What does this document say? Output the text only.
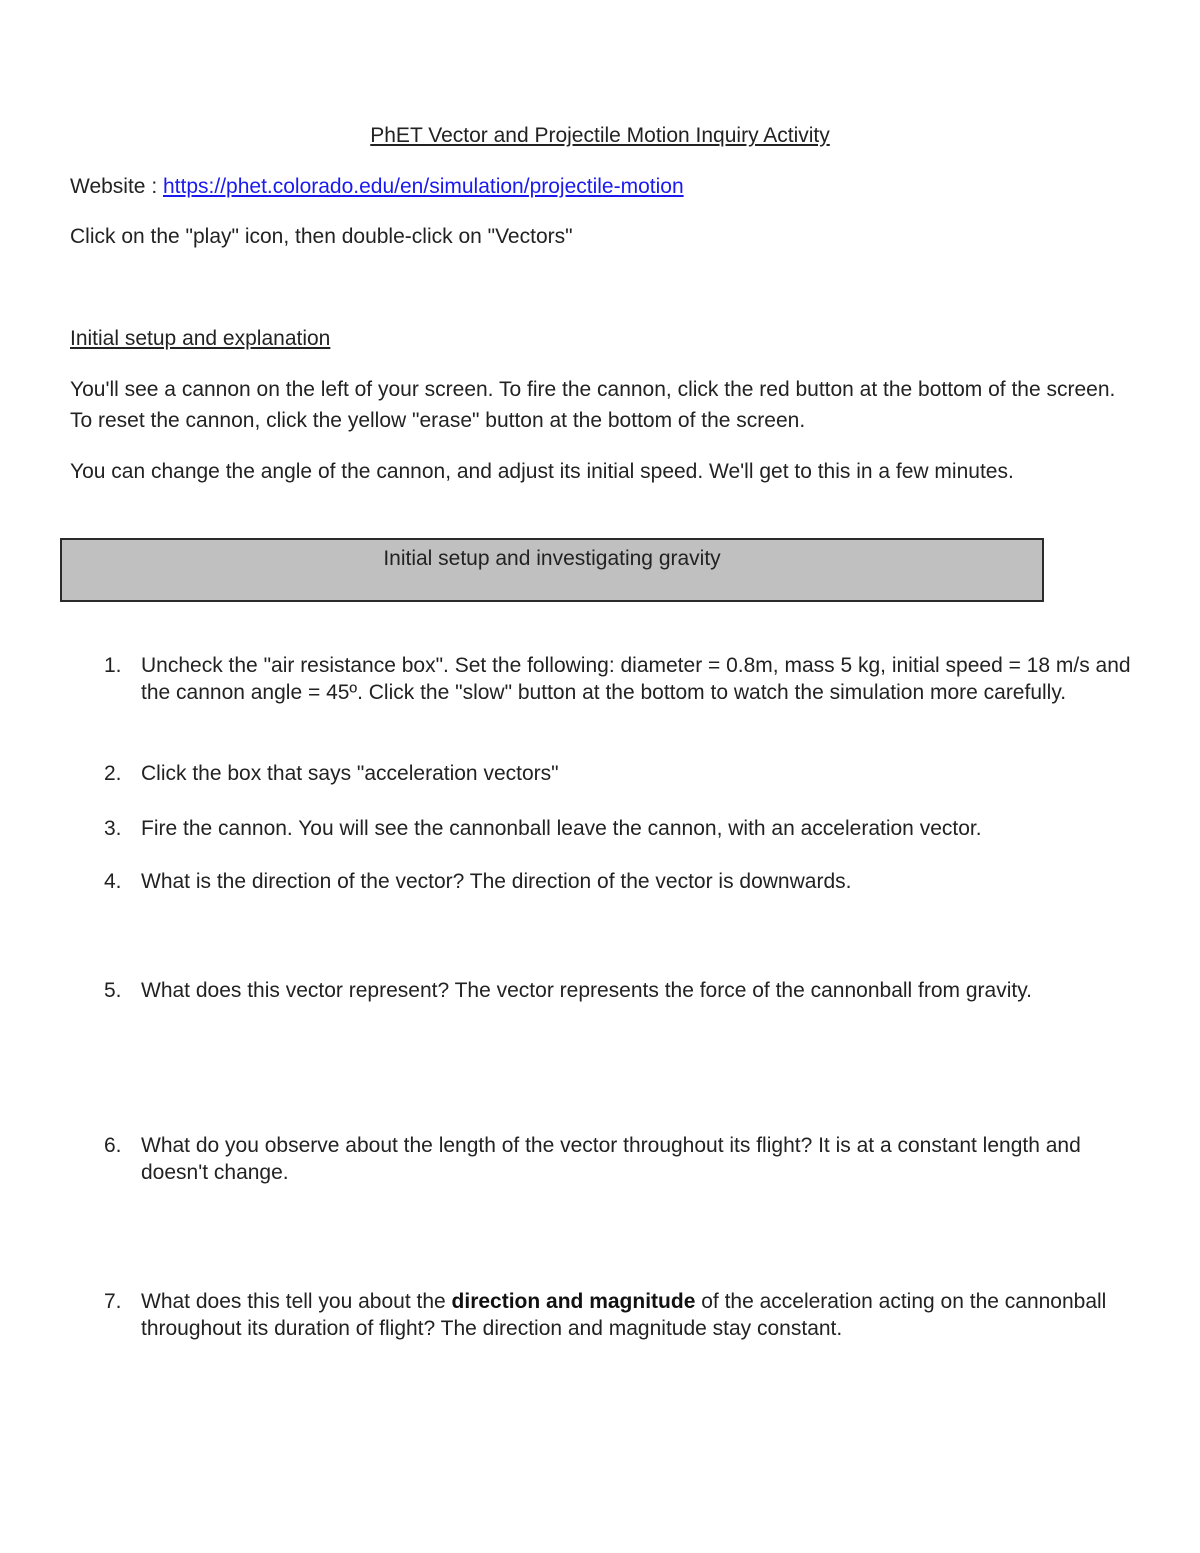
PhET Vector and Projectile Motion Inquiry Activity
Website : https://phet.colorado.edu/en/simulation/projectile-motion
Click on the "play" icon, then double-click on "Vectors"
Initial setup and explanation
You'll see a cannon on the left of your screen. To fire the cannon, click the red button at the bottom of the screen. To reset the cannon, click the yellow "erase" button at the bottom of the screen.
You can change the angle of the cannon, and adjust its initial speed. We'll get to this in a few minutes.
Initial setup and investigating gravity
1. Uncheck the "air resistance box". Set the following: diameter = 0.8m, mass 5 kg, initial speed = 18 m/s and the cannon angle = 45º. Click the "slow" button at the bottom to watch the simulation more carefully.
2. Click the box that says "acceleration vectors"
3. Fire the cannon. You will see the cannonball leave the cannon, with an acceleration vector.
4. What is the direction of the vector? The direction of the vector is downwards.
5. What does this vector represent? The vector represents the force of the cannonball from gravity.
6. What do you observe about the length of the vector throughout its flight? It is at a constant length and doesn't change.
7. What does this tell you about the direction and magnitude of the acceleration acting on the cannonball throughout its duration of flight? The direction and magnitude stay constant.
